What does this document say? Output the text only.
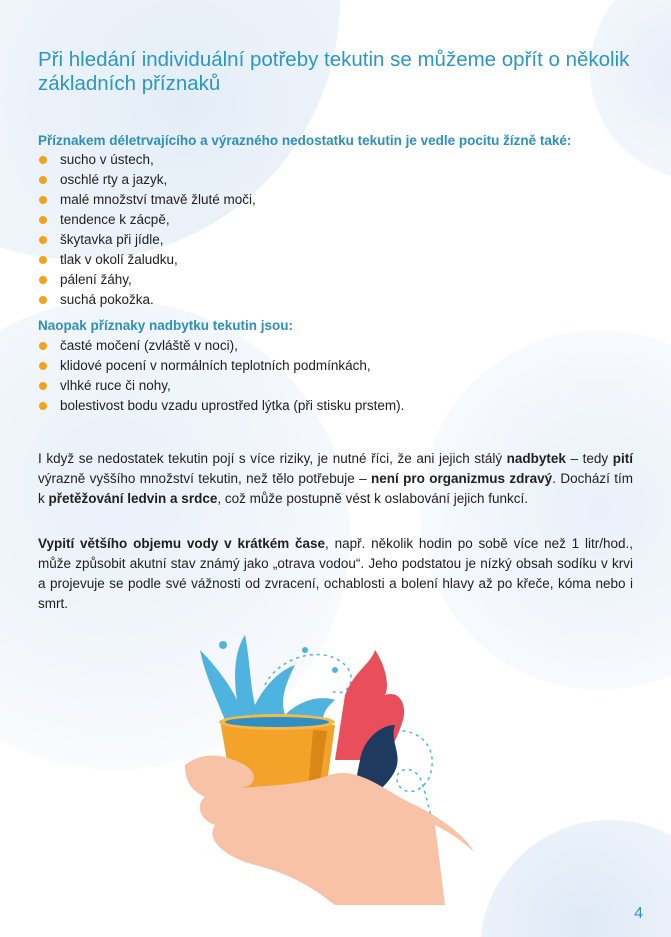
Při hledání individuální potřeby tekutin se můžeme opřít o několik základních příznaků

Příznakem déletrvajícího a výrazného nedostatku tekutin je vedle pocitu žízně také:

sucho v ústech,
oschlé rty a jazyk,
malé množství tmavě žluté moči,
tendence k zácpě,
škytavka při jídle,
tlak v okolí žaludku,
pálení žáhy,
suchá pokožka.

Naopak příznaky nadbytku tekutin jsou:

časté močení (zvláště v noci),
klidové pocení v normálních teplotních podmínkách,
vlhké ruce či nohy,
bolestivost bodu vzadu uprostřed lýtka (při stisku prstem).

I když se nedostatek tekutin pojí s více riziky, je nutné říci, že ani jejich stálý nadbytek – tedy pití výrazně vyššího množství tekutin, než tělo potřebuje – není pro organizmus zdravý. Dochází tím k přetěžování ledvin a srdce, což může postupně vést k oslabování jejich funkcí.

Vypití většího objemu vody v krátkém čase, např. několik hodin po sobě více než 1 litr/hod., může způsobit akutní stav známý jako „otrava vodou“. Jeho podstatou je nízký obsah sodíku v krvi a projevuje se podle své vážnosti od zvracení, ochablosti a bolení hlavy až po křeče, kóma nebo i smrt.

4
